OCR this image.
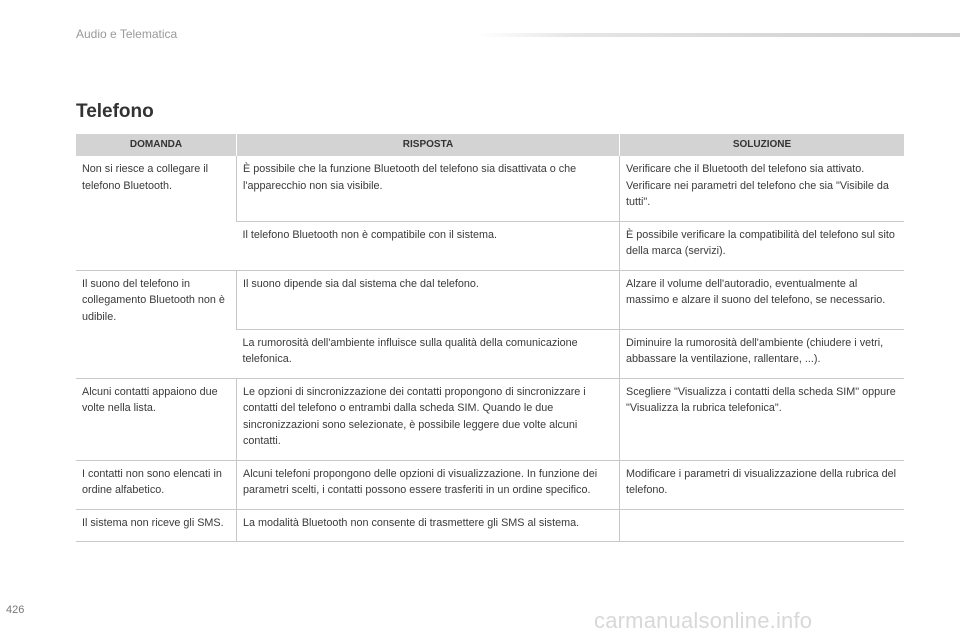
Audio e Telematica
Telefono
DOMANDA	RISPOSTA	SOLUZIONE
Non si riesce a collegare il telefono Bluetooth.	È possibile che la funzione Bluetooth del telefono sia disattivata o che l'apparecchio non sia visibile.	Verificare che il Bluetooth del telefono sia attivato.
Verificare nei parametri del telefono che sia "Visibile da tutti".

	Il telefono Bluetooth non è compatibile con il sistema.	È possibile verificare la compatibilità del telefono sul sito della marca (servizi).
Il suono del telefono in collegamento Bluetooth non è udibile.	Il suono dipende sia dal sistema che dal telefono.	Alzare il volume dell'autoradio, eventualmente al massimo e alzare il suono del telefono, se necessario.
	La rumorosità dell'ambiente influisce sulla qualità della comunicazione telefonica.	Diminuire la rumorosità dell'ambiente (chiudere i vetri, abbassare la ventilazione, rallentare, ...).
Alcuni contatti appaiono due volte nella lista.	Le opzioni di sincronizzazione dei contatti propongono di sincronizzare i contatti del telefono o entrambi dalla scheda SIM. Quando le due sincronizzazioni sono selezionate, è possibile leggere due volte alcuni contatti.	Scegliere "Visualizza i contatti della scheda SIM" oppure "Visualizza la rubrica telefonica".
I contatti non sono elencati in ordine alfabetico.	Alcuni telefoni propongono delle opzioni di visualizzazione. In funzione dei parametri scelti, i contatti possono essere trasferiti in un ordine specifico.	Modificare i parametri di visualizzazione della rubrica del telefono.
Il sistema non riceve gli SMS.	La modalità Bluetooth non consente di trasmettere gli SMS al sistema.	
426	carmanualsonline.info
